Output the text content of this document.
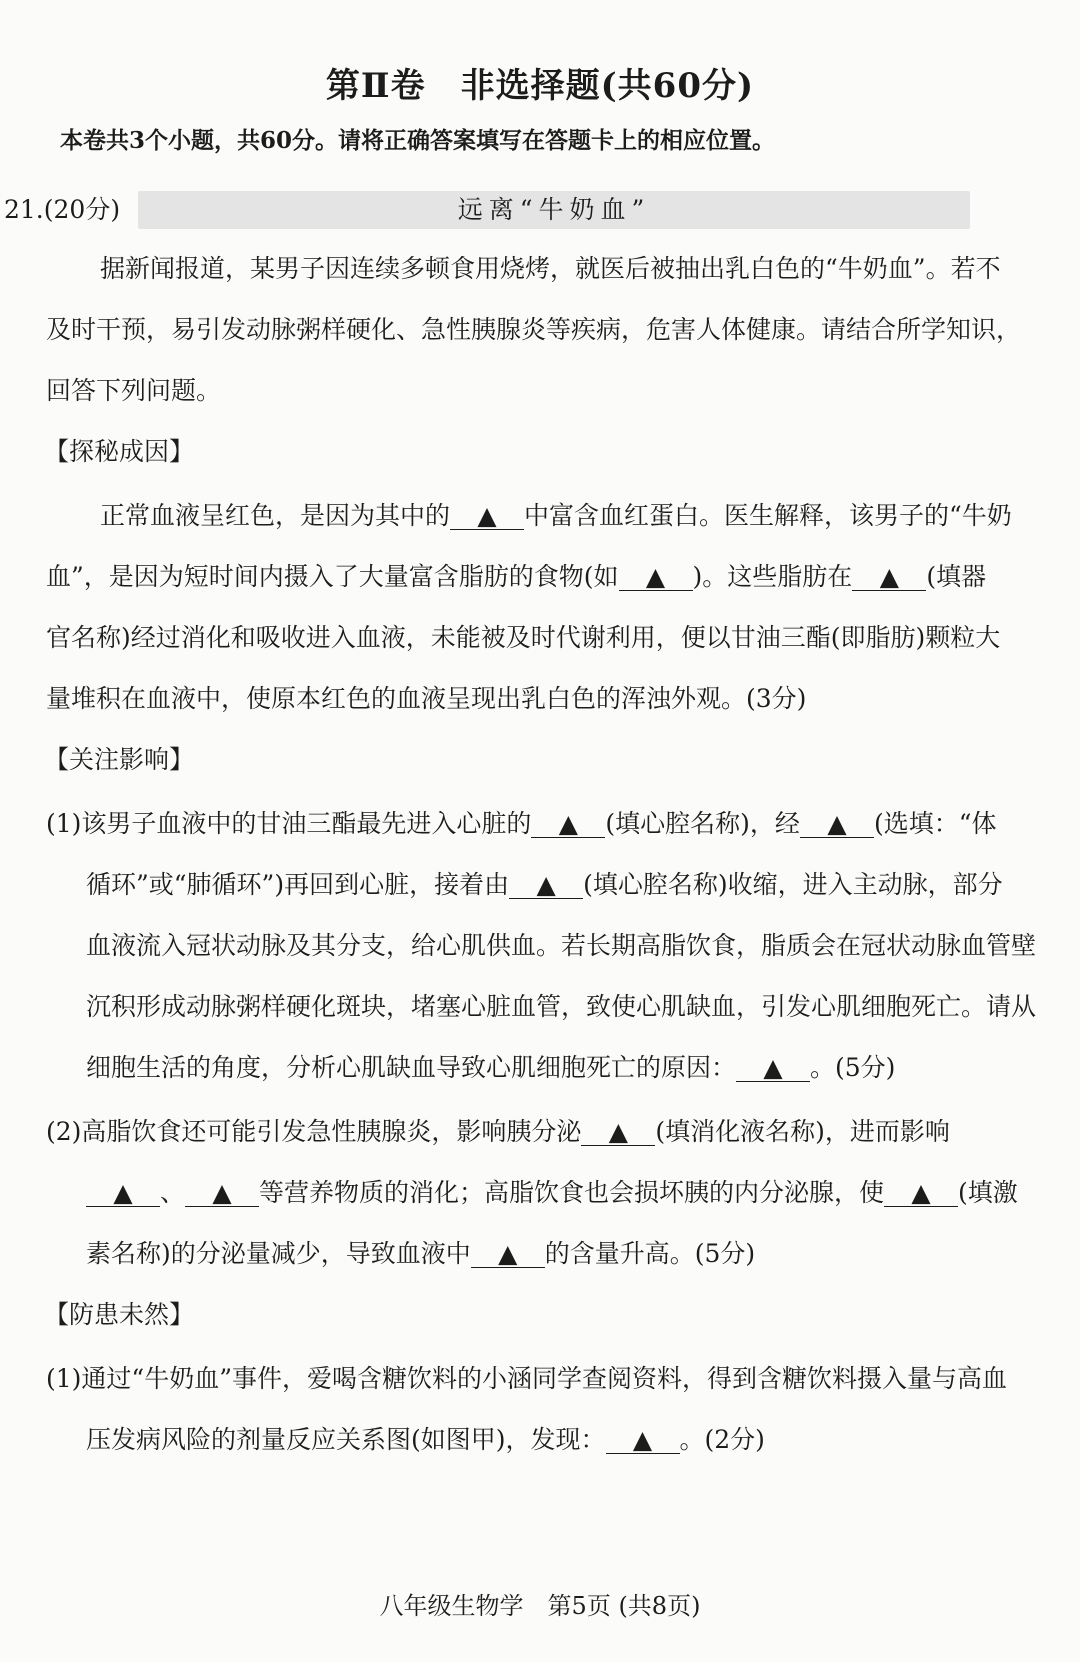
第Ⅱ卷　非选择题(共60分)
本卷共3个小题，共60分。请将正确答案填写在答题卡上的相应位置。
21.(20分)	远离“牛奶血”
据新闻报道，某男子因连续多顿食用烧烤，就医后被抽出乳白色的“牛奶血”。若不
及时干预，易引发动脉粥样硬化、急性胰腺炎等疾病，危害人体健康。请结合所学知识，
回答下列问题。
【探秘成因】
正常血液呈红色，是因为其中的 ▲ 中富含血红蛋白。医生解释，该男子的“牛奶
血”，是因为短时间内摄入了大量富含脂肪的食物(如 ▲ )。这些脂肪在 ▲ (填器
官名称)经过消化和吸收进入血液，未能被及时代谢利用，便以甘油三酯(即脂肪)颗粒大
量堆积在血液中，使原本红色的血液呈现出乳白色的浑浊外观。(3分)
【关注影响】
(1)该男子血液中的甘油三酯最先进入心脏的 ▲ (填心腔名称)，经 ▲ (选填：“体
循环”或“肺循环”)再回到心脏，接着由 ▲ (填心腔名称)收缩，进入主动脉，部分
血液流入冠状动脉及其分支，给心肌供血。若长期高脂饮食，脂质会在冠状动脉血管壁
沉积形成动脉粥样硬化斑块，堵塞心脏血管，致使心肌缺血，引发心肌细胞死亡。请从
细胞生活的角度，分析心肌缺血导致心肌细胞死亡的原因： ▲ 。(5分)
(2)高脂饮食还可能引发急性胰腺炎，影响胰分泌 ▲ (填消化液名称)，进而影响
▲ 、 ▲ 等营养物质的消化；高脂饮食也会损坏胰的内分泌腺，使 ▲ (填激
素名称)的分泌量减少，导致血液中 ▲ 的含量升高。(5分)
【防患未然】
(1)通过“牛奶血”事件，爱喝含糖饮料的小涵同学查阅资料，得到含糖饮料摄入量与高血
压发病风险的剂量反应关系图(如图甲)，发现： ▲ 。(2分)
八年级生物学　第5页 (共8页)
